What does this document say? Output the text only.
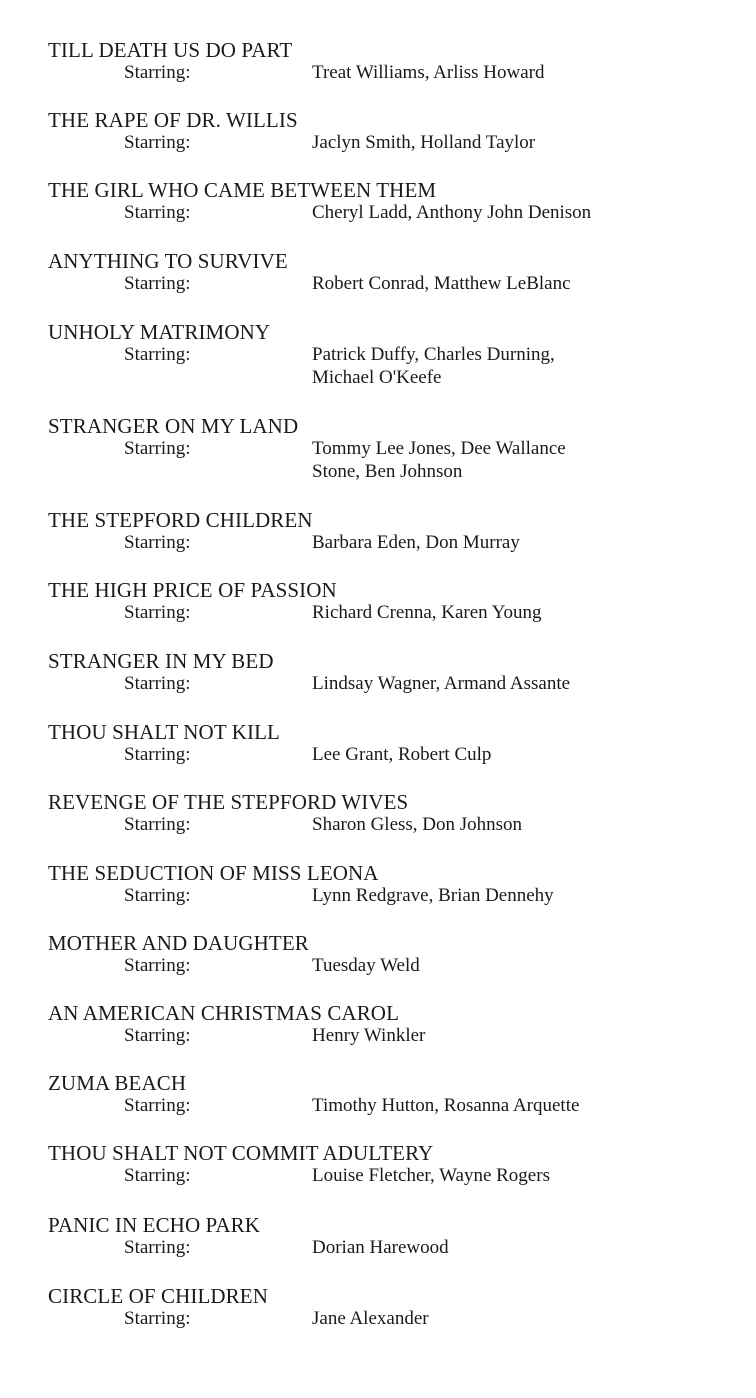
TILL DEATH US DO PART
Starring:	Treat Williams, Arliss Howard
THE RAPE OF DR. WILLIS
Starring:	Jaclyn Smith, Holland Taylor
THE GIRL WHO CAME BETWEEN THEM
Starring:	Cheryl Ladd, Anthony John Denison
ANYTHING TO SURVIVE
Starring:	Robert Conrad, Matthew LeBlanc
UNHOLY MATRIMONY
Starring:	Patrick Duffy, Charles Durning,
Michael O'Keefe
STRANGER ON MY LAND
Starring:	Tommy Lee Jones, Dee Wallance
Stone, Ben Johnson
THE STEPFORD CHILDREN
Starring:	Barbara Eden, Don Murray
THE HIGH PRICE OF PASSION
Starring:	Richard Crenna, Karen Young
STRANGER IN MY BED
Starring:	Lindsay Wagner, Armand Assante
THOU SHALT NOT KILL
Starring:	Lee Grant, Robert Culp
REVENGE OF THE STEPFORD WIVES
Starring:	Sharon Gless, Don Johnson
THE SEDUCTION OF MISS LEONA
Starring:	Lynn Redgrave, Brian Dennehy
MOTHER AND DAUGHTER
Starring:	Tuesday Weld
AN AMERICAN CHRISTMAS CAROL
Starring:	Henry Winkler
ZUMA BEACH
Starring:	Timothy Hutton, Rosanna Arquette
THOU SHALT NOT COMMIT ADULTERY
Starring:	Louise Fletcher, Wayne Rogers
PANIC IN ECHO PARK
Starring:	Dorian Harewood
CIRCLE OF CHILDREN
Starring:	Jane Alexander
